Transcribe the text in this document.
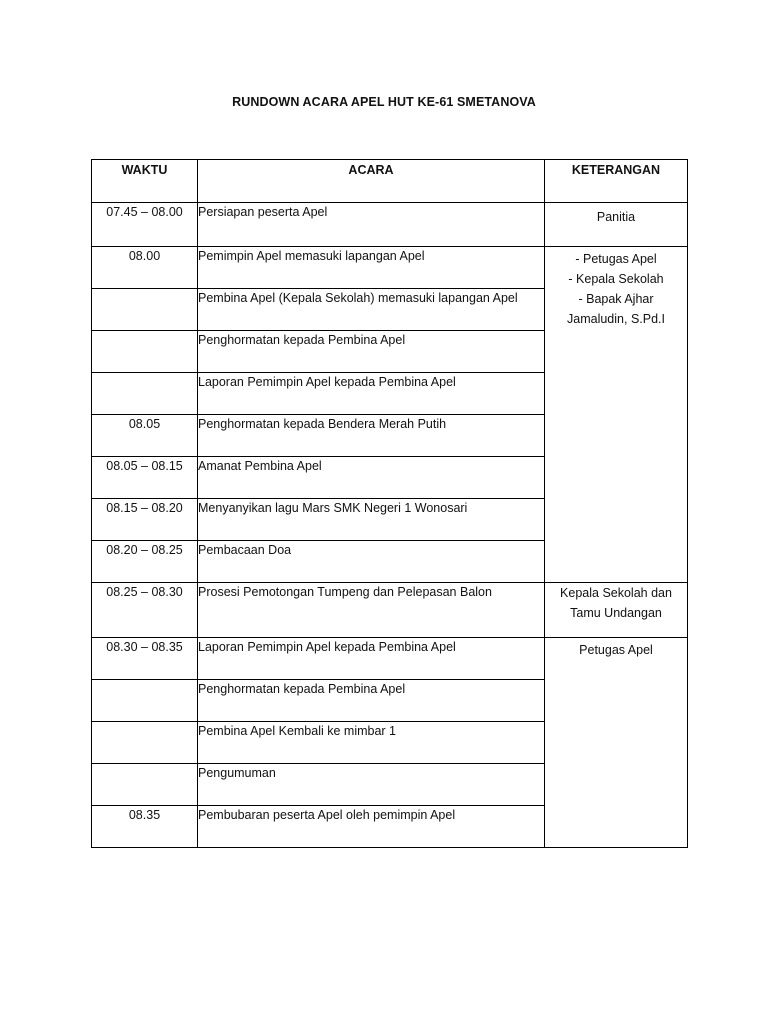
RUNDOWN ACARA APEL HUT KE-61 SMETANOVA
WAKTU	ACARA	KETERANGAN
07.45 – 08.00	Persiapan peserta Apel	Panitia
08.00	Pemimpin Apel memasuki lapangan Apel	- Petugas Apel
- Kepala Sekolah
- Bapak Ajhar
Jamaludin, S.Pd.I

	Pembina Apel (Kepala Sekolah) memasuki lapangan Apel	
	Penghormatan kepada Pembina Apel	
	Laporan Pemimpin Apel kepada Pembina Apel	
08.05	Penghormatan kepada Bendera Merah Putih	
08.05 – 08.15	Amanat Pembina Apel	
08.15 – 08.20	Menyanyikan lagu Mars SMK Negeri 1 Wonosari	
08.20 – 08.25	Pembacaan Doa	
08.25 – 08.30	Prosesi Pemotongan Tumpeng dan Pelepasan Balon	Kepala Sekolah dan
Tamu Undangan

08.30 – 08.35	Laporan Pemimpin Apel kepada Pembina Apel	Petugas Apel
	Penghormatan kepada Pembina Apel	
	Pembina Apel Kembali ke mimbar 1	
	Pengumuman	
08.35	Pembubaran peserta Apel oleh pemimpin Apel	
